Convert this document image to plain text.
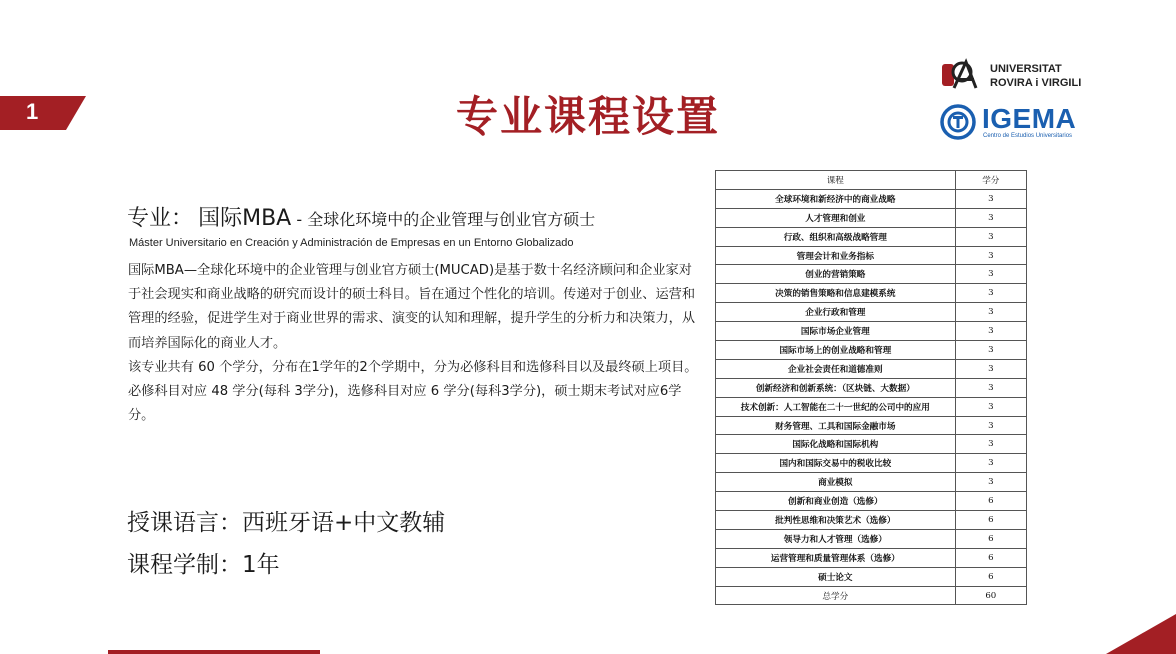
1	专业课程设置
UNIVERSITAT
ROVIRA i VIRGILI
IGEMA
Centro de Estudios Universitarios
专业： 国际MBA - 全球化环境中的企业管理与创业官方硕士
Máster Universitario en Creación y Administración de Empresas en un Entorno Globalizado

国际MBA—全球化环境中的企业管理与创业官方硕士(MUCAD)是基于数十名经济顾问和企业家对于社会现实和商业战略的研究而设计的硕士科目。旨在通过个性化的培训。传递对于创业、运营和管理的经验，促进学生对于商业世界的需求、演变的认知和理解，提升学生的分析力和决策力，从而培养国际化的商业人才。

该专业共有 60 个学分，分布在1学年的2个学期中，分为必修科目和选修科目以及最终硕上项目。必修科目对应 48 学分(每科 3学分)，选修科目对应 6 学分(每科3学分)，硕士期末考试对应6学分。

授课语言：西班牙语+中文教辅
课程学制：1年
课程	学分
全球环境和新经济中的商业战略	3
人才管理和创业	3
行政、组织和高级战略管理	3
管理会计和业务指标	3
创业的营销策略	3
决策的销售策略和信息建模系统	3
企业行政和管理	3
国际市场企业管理	3
国际市场上的创业战略和管理	3
企业社会责任和道德准则	3
创新经济和创新系统：（区块链、大数据）	3
技术创新：人工智能在二十一世纪的公司中的应用	3
财务管理、工具和国际金融市场	3
国际化战略和国际机构	3
国内和国际交易中的税收比较	3
商业模拟	3
创新和商业创造（选修）	6
批判性思维和决策艺术（选修）	6
领导力和人才管理（选修）	6
运营管理和质量管理体系（选修）	6
硕士论文	6
总学分	60
